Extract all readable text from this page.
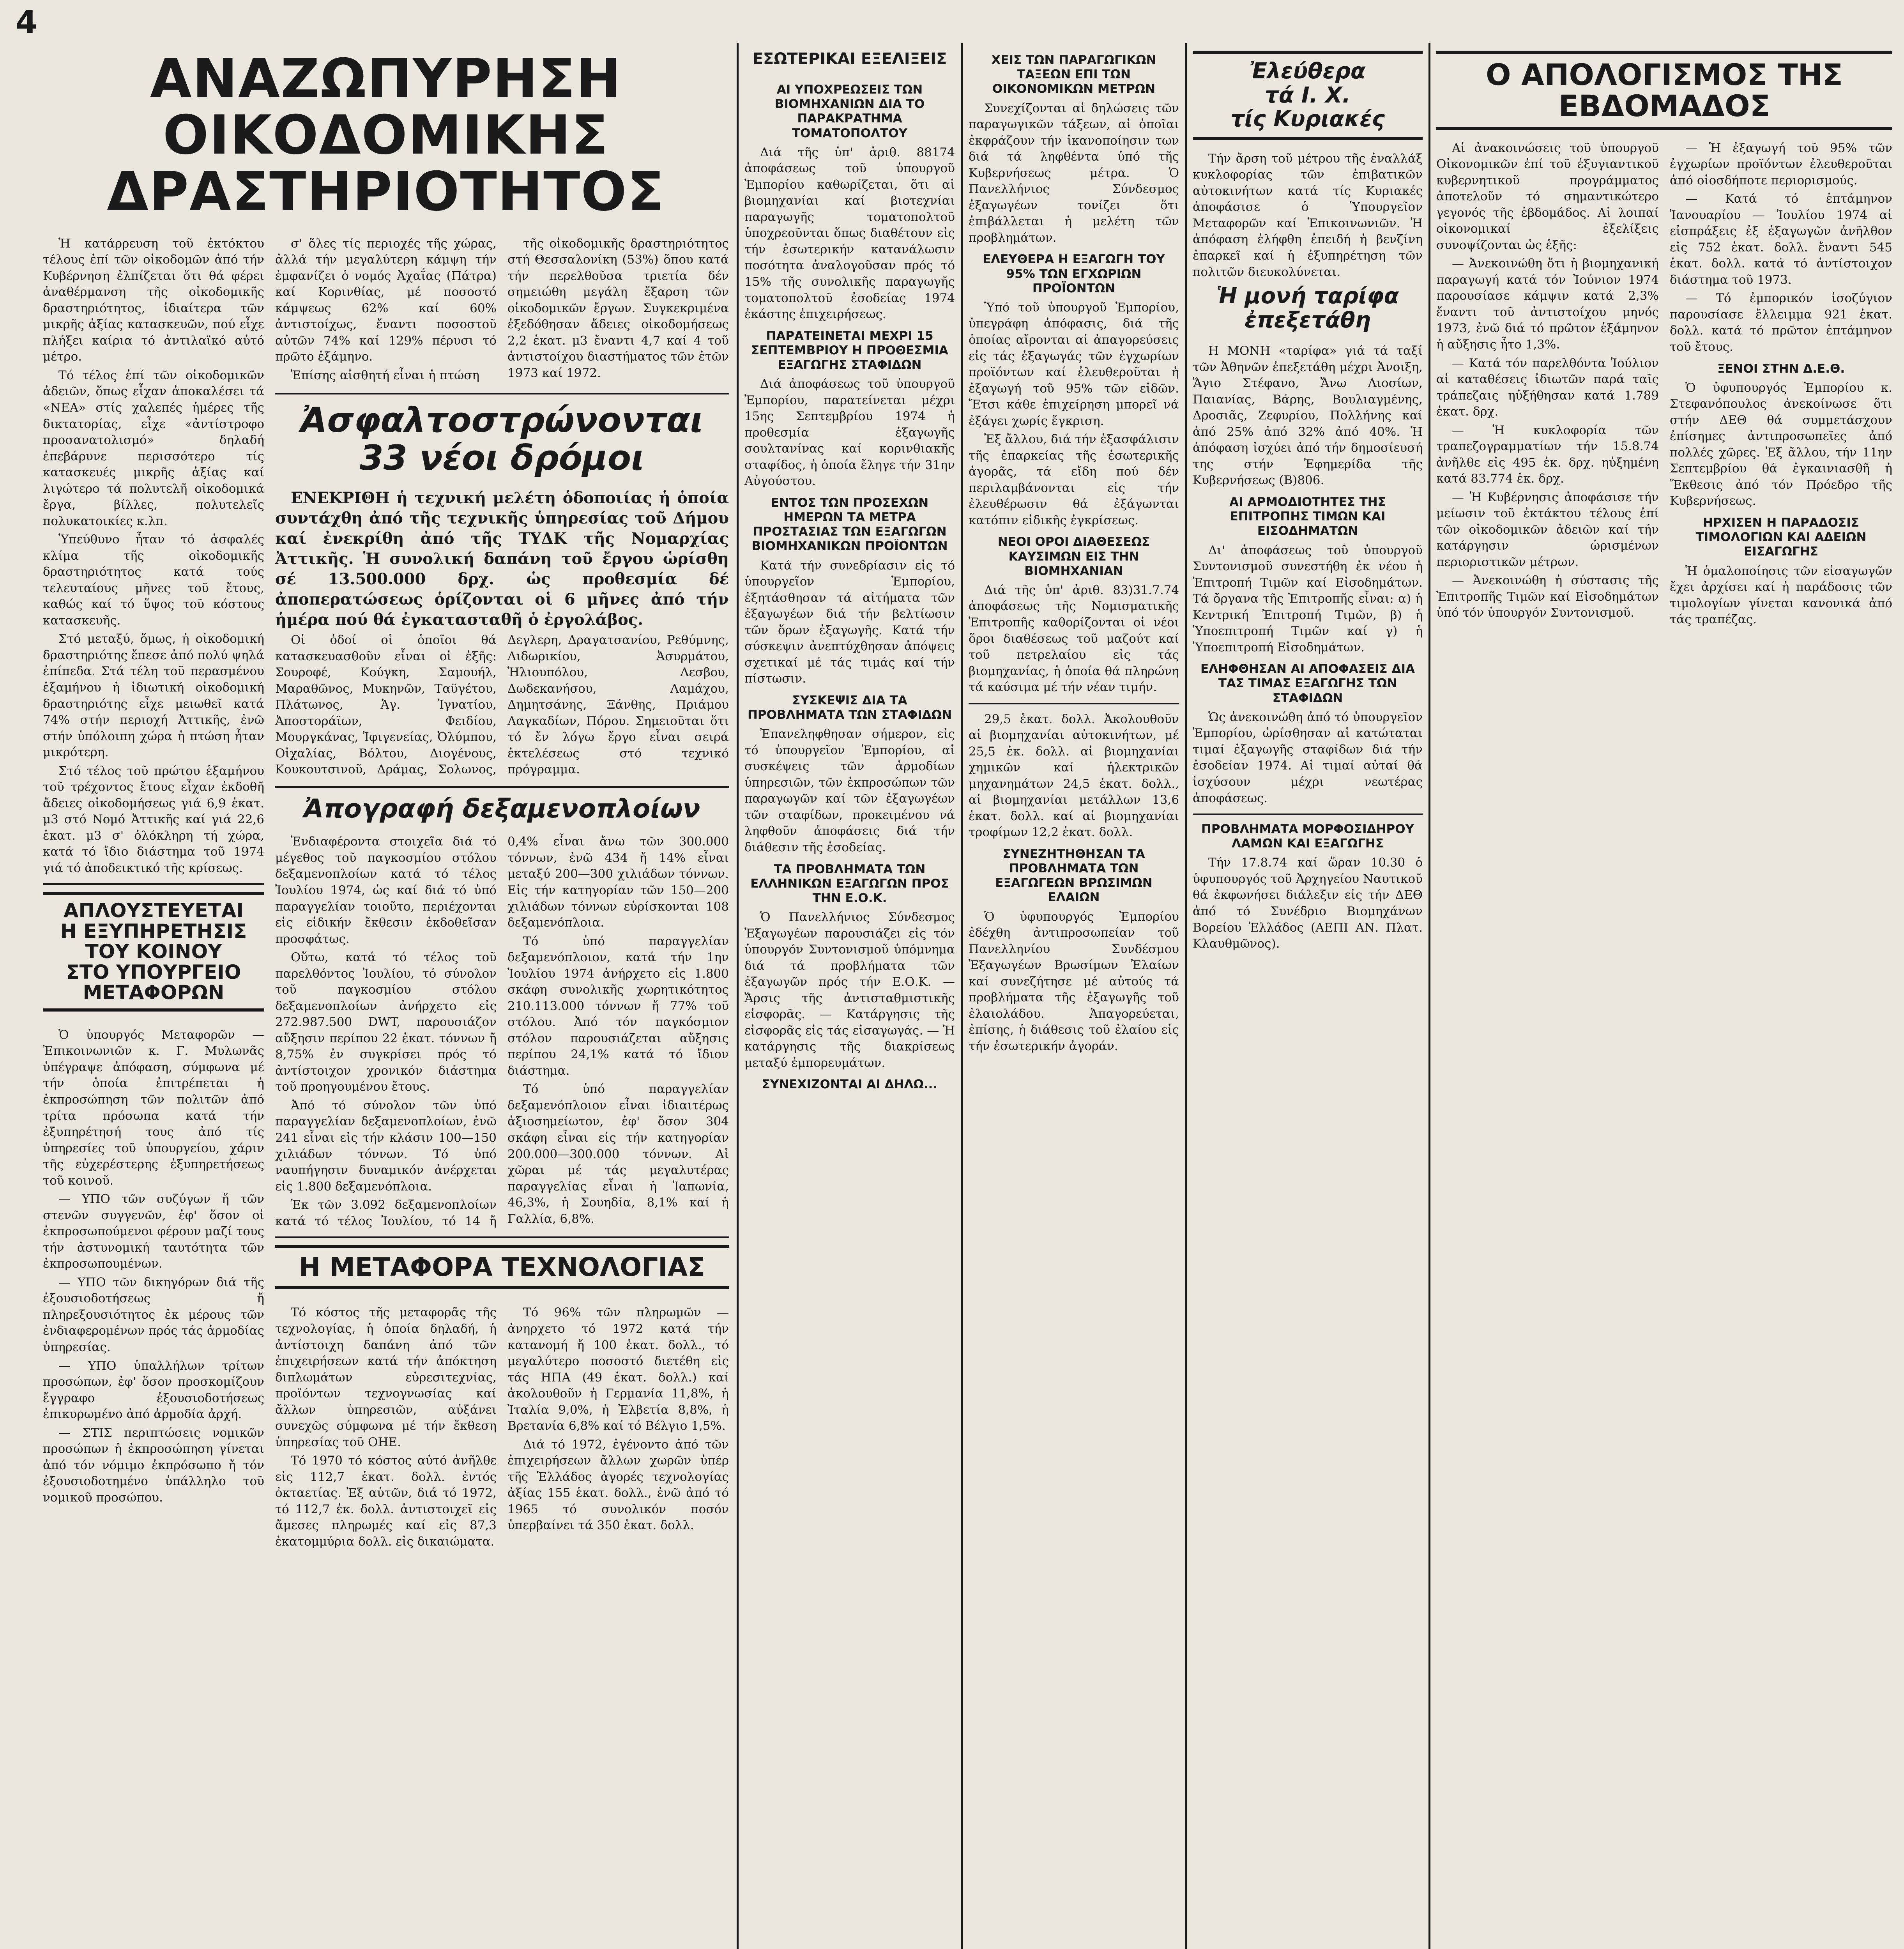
4
ΑΝΑΖΩΠΥΡΗΣΗ ΟΙΚΟΔΟΜΙΚΗΣ
ΔΡΑΣΤΗΡΙΟΤΗΤΟΣ

Ἡ κατάρρευση τοῦ ἐκτόκτου τέλους ἐπί τῶν οἰκοδομῶν ἀπό τήν Κυβέρνηση ἐλπίζεται ὅτι θά φέρει ἀναθέρμανση τῆς οἰκοδομικῆς δραστηριότητος, ἰδιαίτερα τῶν μικρῆς ἀξίας κατασκευῶν, πού εἶχε πλήξει καίρια τό ἀντιλαϊκό αὐτό μέτρο.

Τό τέλος ἐπί τῶν οἰκοδομικῶν ἀδειῶν, ὅπως εἶχαν ἀποκαλέσει τά «ΝΕΑ» στίς χαλεπές ἡμέρες τῆς δικτατορίας, εἶχε «ἀντίστροφο προσανατολισμό» δηλαδή ἐπεβάρυνε περισσότερο τίς κατασκευές μικρῆς ἀξίας καί λιγώτερο τά πολυτελῆ οἰκοδομικά ἔργα, βίλλες, πολυτελεῖς πολυκατοικίες κ.λπ.

Ὑπεύθυνο ἦταν τό ἀσφαλές κλίμα τῆς οἰκοδομικῆς δραστηριότητος κατά τούς τελευταίους μῆνες τοῦ ἔτους, καθώς καί τό ὕψος τοῦ κόστους κατασκευῆς.

Στό μεταξύ, ὅμως, ἡ οἰκοδομική δραστηριότης ἔπεσε ἀπό πολύ ψηλά ἐπίπεδα. Στά τέλη τοῦ περασμένου ἑξαμήνου ἡ ἰδιωτική οἰκοδομική δραστηριότης εἶχε μειωθεῖ κατά 74% στήν περιοχή Ἀττικῆς, ἐνῶ στήν ὑπόλοιπη χώρα ἡ πτώση ἦταν μικρότερη.

Στό τέλος τοῦ πρώτου ἑξαμήνου τοῦ τρέχοντος ἔτους εἶχαν ἐκδοθῆ ἄδειες οἰκοδομήσεως γιά 6,9 ἑκατ. μ3 στό Νομό Ἀττικῆς καί γιά 22,6 ἑκατ. μ3 σ' ὁλόκληρη τή χώρα, κατά τό ἴδιο διάστημα τοῦ 1974 γιά τό ἀποδεικτικό τῆς κρίσεως.

ΑΠΛΟΥΣΤΕΥΕΤΑΙ
Η ΕΞΥΠΗΡΕΤΗΣΙΣ
ΤΟΥ ΚΟΙΝΟΥ
ΣΤΟ ΥΠΟΥΡΓΕΙΟ
ΜΕΤΑΦΟΡΩΝ

Ὁ ὑπουργός Μεταφορῶν — Ἐπικοινωνιῶν κ. Γ. Μυλωνᾶς ὑπέγραψε ἀπόφαση, σύμφωνα μέ τήν ὁποία ἐπιτρέπεται ἡ ἐκπροσώπηση τῶν πολιτῶν ἀπό τρίτα πρόσωπα κατά τήν ἐξυπηρέτησή τους ἀπό τίς ὑπηρεσίες τοῦ ὑπουργείου, χάριν τῆς εὐχερέστερης ἐξυπηρετήσεως τοῦ κοινοῦ.

— ΥΠΟ τῶν συζύγων ἤ τῶν στενῶν συγγενῶν, ἐφ' ὅσον οἱ ἐκπροσωπούμενοι φέρουν μαζί τους τήν ἀστυνομική ταυτότητα τῶν ἐκπροσωπουμένων.

— ΥΠΟ τῶν δικηγόρων διά τῆς ἐξουσιοδοτήσεως ἤ πληρεξουσιότητος ἐκ μέρους τῶν ἐνδιαφερομένων πρός τάς ἁρμοδίας ὑπηρεσίας.

— ΥΠΟ ὑπαλλήλων τρίτων προσώπων, ἐφ' ὅσον προσκομίζουν ἔγγραφο ἐξουσιοδοτήσεως ἐπικυρωμένο ἀπό ἁρμοδία ἀρχή.

— ΣΤΙΣ περιπτώσεις νομικῶν προσώπων ἡ ἐκπροσώπηση γίνεται ἀπό τόν νόμιμο ἐκπρόσωπο ἤ τόν ἐξουσιοδοτημένο ὑπάλληλο τοῦ νομικοῦ προσώπου.

σ' ὅλες τίς περιοχές τῆς χώρας, ἀλλά τήν μεγαλύτερη κάμψη τήν ἐμφανίζει ὁ νομός Ἀχαΐας (Πάτρα) καί Κορινθίας, μέ ποσοστό κάμψεως 62% καί 60% ἀντιστοίχως, ἔναντι ποσοστοῦ αὐτῶν 74% καί 129% πέρυσι τό πρῶτο ἑξάμηνο.

Ἐπίσης αἰσθητή εἶναι ἡ πτώση

τῆς οἰκοδομικῆς δραστηριότητος στή Θεσσαλονίκη (53%) ὅπου κατά τήν περελθοῦσα τριετία δέν σημειώθη μεγάλη ἔξαρση τῶν οἰκοδομικῶν ἔργων. Συγκεκριμένα ἐξεδόθησαν ἄδειες οἰκοδομήσεως 2,2 ἑκατ. μ3 ἔναντι 4,7 καί 4 τοῦ ἀντιστοίχου διαστήματος τῶν ἐτῶν 1973 καί 1972.

Ἀσφαλτοστρώνονται
33 νέοι δρόμοι

ΕΝΕΚΡΙΘΗ ἡ τεχνική μελέτη ὁδοποιίας ἡ ὁποία συντάχθη ἀπό τῆς τεχνικῆς ὑπηρεσίας τοῦ Δήμου καί ἐνεκρίθη ἀπό τῆς ΤΥΔΚ τῆς Νομαρχίας Ἀττικῆς. Ἡ συνολική δαπάνη τοῦ ἔργου ὡρίσθη σέ 13.500.000 δρχ. ὡς προθεσμία δέ ἀποπερατώσεως ὁρίζονται οἱ 6 μῆνες ἀπό τήν ἡμέρα πού θά ἐγκατασταθῆ ὁ ἐργολάβος.

Οἱ ὁδοί οἱ ὁποῖοι θά κατασκευασθοῦν εἶναι οἱ ἑξῆς: Σουροφέ, Κούγκη, Σαμουήλ, Μαραθῶνος, Μυκηνῶν, Ταϋγέτου, Πλάτωνος, Ἁγ. Ἰγνατίου, Ἀποστοράϊων, Φειδίου, Μουργκάνας, Ἰφιγενείας, Ὀλύμπου, Οἰχαλίας, Βόλτου, Διογένους, Κουκουτσινοῦ, Δράμας, Σολωνος, Δεγλερη, Δραγατσανίου, Ρεθύμνης, Λιδωρικίου, Ἀσυρμάτου, Ἡλιουπόλου, Λεσβου, Δωδεκανήσου, Λαμάχου, Δημητσάνης, Ξάνθης, Πριάμου Λαγκαδίων, Πόρου. Σημειοῦται ὅτι τό ἔν λόγω ἔργο εἶναι σειρά ἐκτελέσεως στό τεχνικό πρόγραμμα.

Ἀπογραφή δεξαμενοπλοίων

Ἐνδιαφέροντα στοιχεῖα διά τό μέγεθος τοῦ παγκοσμίου στόλου δεξαμενοπλοίων κατά τό τέλος Ἰουλίου 1974, ὡς καί διά τό ὑπό παραγγελίαν τοιοῦτο, περιέχονται εἰς εἰδικήν ἔκθεσιν ἐκδοθεῖσαν προσφάτως.

Οὕτω, κατά τό τέλος τοῦ παρελθόντος Ἰουλίου, τό σύνολον τοῦ παγκοσμίου στόλου δεξαμενοπλοίων ἀνήρχετο εἰς 272.987.500 DWT, παρουσιάζον αὔξησιν περίπου 22 ἑκατ. τόννων ἤ 8,75% ἐν συγκρίσει πρός τό ἀντίστοιχον χρονικόν διάστημα τοῦ προηγουμένου ἔτους.

Ἀπό τό σύνολον τῶν ὑπό παραγγελίαν δεξαμενοπλοίων, ἐνῶ 241 εἶναι εἰς τήν κλάσιν 100—150 χιλιάδων τόννων. Τό ὑπό ναυπήγησιν δυναμικόν ἀνέρχεται εἰς 1.800 δεξαμενόπλοια.

Ἐκ τῶν 3.092 δεξαμενοπλοίων κατά τό τέλος Ἰουλίου, τό 14 ἤ 0,4% εἶναι ἄνω τῶν 300.000 τόννων, ἐνῶ 434 ἤ 14% εἶναι μεταξύ 200—300 χιλιάδων τόννων. Εἰς τήν κατηγορίαν τῶν 150—200 χιλιάδων τόννων εὑρίσκονται 108 δεξαμενόπλοια.

Τό ὑπό παραγγελίαν δεξαμενόπλοιον, κατά τήν 1ην Ἰουλίου 1974 ἀνήρχετο εἰς 1.800 σκάφη συνολικῆς χωρητικότητος 210.113.000 τόννων ἤ 77% τοῦ στόλου. Ἀπό τόν παγκόσμιον στόλον παρουσιάζεται αὔξησις περίπου 24,1% κατά τό ἴδιον διάστημα.

Τό ὑπό παραγγελίαν δεξαμενόπλοιον εἶναι ἰδιαιτέρως ἀξιοσημείωτον, ἐφ' ὅσον 304 σκάφη εἶναι εἰς τήν κατηγορίαν 200.000—300.000 τόννων. Αἱ χῶραι μέ τάς μεγαλυτέρας παραγγελίας εἶναι ἡ Ἰαπωνία, 46,3%, ἡ Σουηδία, 8,1% καί ἡ Γαλλία, 6,8%.

Η ΜΕΤΑΦΟΡΑ ΤΕΧΝΟΛΟΓΙΑΣ

Τό κόστος τῆς μεταφορᾶς τῆς τεχνολογίας, ἡ ὁποία δηλαδή, ἡ ἀντίστοιχη δαπάνη ἀπό τῶν ἐπιχειρήσεων κατά τήν ἀπόκτηση διπλωμάτων εὑρεσιτεχνίας, προϊόντων τεχνογνωσίας καί ἄλλων ὑπηρεσιῶν, αὐξάνει συνεχῶς σύμφωνα μέ τήν ἔκθεση ὑπηρεσίας τοῦ ΟΗΕ.

Τό 1970 τό κόστος αὐτό ἀνῆλθε εἰς 112,7 ἑκατ. δολλ. ἐντός ὀκταετίας. Ἐξ αὐτῶν, διά τό 1972, τό 112,7 ἑκ. δολλ. ἀντιστοιχεῖ εἰς ἄμεσες πληρωμές καί εἰς 87,3 ἑκατομμύρια δολλ. εἰς δικαιώματα.

Τό 96% τῶν πληρωμῶν — ἀνηρχετο τό 1972 κατά τήν κατανομή ἤ 100 ἑκατ. δολλ., τό μεγαλύτερο ποσοστό διετέθη εἰς τάς ΗΠΑ (49 ἑκατ. δολλ.) καί ἀκολουθοῦν ἡ Γερμανία 11,8%, ἡ Ἰταλία 9,0%, ἡ Ἐλβετία 8,8%, ἡ Βρετανία 6,8% καί τό Βέλγιο 1,5%.

Διά τό 1972, ἐγένοντο ἀπό τῶν ἐπιχειρήσεων ἄλλων χωρῶν ὑπέρ τῆς Ἑλλάδος ἀγορές τεχνολογίας ἀξίας 155 ἑκατ. δολλ., ἐνῶ ἀπό τό 1965 τό συνολικόν ποσόν ὑπερβαίνει τά 350 ἑκατ. δολλ.

ΕΣΩΤΕΡΙΚΑΙ ΕΞΕΛΙΞΕΙΣ
ΑΙ ΥΠΟΧΡΕΩΣΕΙΣ ΤΩΝ ΒΙΟΜΗΧΑΝΙΩΝ ΔΙΑ ΤΟ ΠΑΡΑΚΡΑΤΗΜΑ ΤΟΜΑΤΟΠΟΛΤΟΥ

Διά τῆς ὑπ' ἀριθ. 88174 ἀποφάσεως τοῦ ὑπουργοῦ Ἐμπορίου καθωρίζεται, ὅτι αἱ βιομηχανίαι καί βιοτεχνίαι παραγωγῆς τοματοπολτοῦ ὑποχρεοῦνται ὅπως διαθέτουν εἰς τήν ἐσωτερικήν κατανάλωσιν ποσότητα ἀναλογοῦσαν πρός τό 15% τῆς συνολικῆς παραγωγῆς τοματοπολτοῦ ἐσοδείας 1974 ἐκάστης ἐπιχειρήσεως.

ΠΑΡΑΤΕΙΝΕΤΑΙ ΜΕΧΡΙ 15 ΣΕΠΤΕΜΒΡΙΟΥ Η ΠΡΟΘΕΣΜΙΑ ΕΞΑΓΩΓΗΣ ΣΤΑΦΙΔΩΝ

Διά ἀποφάσεως τοῦ ὑπουργοῦ Ἐμπορίου, παρατείνεται μέχρι 15ης Σεπτεμβρίου 1974 ἡ προθεσμία ἐξαγωγῆς σουλτανίνας καί κορινθιακῆς σταφίδος, ἡ ὁποία ἔληγε τήν 31ην Αὐγούστου.

ΕΝΤΟΣ ΤΩΝ ΠΡΟΣΕΧΩΝ ΗΜΕΡΩΝ ΤΑ ΜΕΤΡΑ ΠΡΟΣΤΑΣΙΑΣ ΤΩΝ ΕΞΑΓΩΓΩΝ ΒΙΟΜΗΧΑΝΙΚΩΝ ΠΡΟΪΟΝΤΩΝ

Κατά τήν συνεδρίασιν εἰς τό ὑπουργεῖον Ἐμπορίου, ἐξητάσθησαν τά αἰτήματα τῶν ἐξαγωγέων διά τήν βελτίωσιν τῶν ὅρων ἐξαγωγῆς. Κατά τήν σύσκεψιν ἀνεπτύχθησαν ἀπόψεις σχετικαί μέ τάς τιμάς καί τήν πίστωσιν.

ΣΥΣΚΕΨΙΣ ΔΙΑ ΤΑ ΠΡΟΒΛΗΜΑΤΑ ΤΩΝ ΣΤΑΦΙΔΩΝ

Ἐπανεληφθησαν σήμερον, εἰς τό ὑπουργεῖον Ἐμπορίου, αἱ συσκέψεις τῶν ἁρμοδίων ὑπηρεσιῶν, τῶν ἐκπροσώπων τῶν παραγωγῶν καί τῶν ἐξαγωγέων τῶν σταφίδων, προκειμένου νά ληφθοῦν ἀποφάσεις διά τήν διάθεσιν τῆς ἐσοδείας.

ΤΑ ΠΡΟΒΛΗΜΑΤΑ ΤΩΝ ΕΛΛΗΝΙΚΩΝ ΕΞΑΓΩΓΩΝ ΠΡΟΣ ΤΗΝ Ε.Ο.Κ.

Ὁ Πανελλήνιος Σύνδεσμος Ἐξαγωγέων παρουσιάζει εἰς τόν ὑπουργόν Συντονισμοῦ ὑπόμνημα διά τά προβλήματα τῶν ἐξαγωγῶν πρός τήν Ε.Ο.Κ. — Ἄρσις τῆς ἀντισταθμιστικῆς εἰσφορᾶς. — Κατάργησις τῆς εἰσφορᾶς εἰς τάς εἰσαγωγάς. — Ἡ κατάργησις τῆς διακρίσεως μεταξύ ἐμπορευμάτων.

ΣΥΝΕΧΙΖΟΝΤΑΙ ΑΙ ΔΗΛΩ...
ΧΕΙΣ ΤΩΝ ΠΑΡΑΓΩΓΙΚΩΝ ΤΑΞΕΩΝ ΕΠΙ ΤΩΝ ΟΙΚΟΝΟΜΙΚΩΝ ΜΕΤΡΩΝ

Συνεχίζονται αἱ δηλώσεις τῶν παραγωγικῶν τάξεων, αἱ ὁποῖαι ἐκφράζουν τήν ἱκανοποίησιν των διά τά ληφθέντα ὑπό τῆς Κυβερνήσεως μέτρα. Ὁ Πανελλήνιος Σύνδεσμος ἐξαγωγέων τονίζει ὅτι ἐπιβάλλεται ἡ μελέτη τῶν προβλημάτων.

ΕΛΕΥΘΕΡΑ Η ΕΞΑΓΩΓΗ ΤΟΥ 95% ΤΩΝ ΕΓΧΩΡΙΩΝ ΠΡΟΪΟΝΤΩΝ

Ὑπό τοῦ ὑπουργοῦ Ἐμπορίου, ὑπεγράφη ἀπόφασις, διά τῆς ὁποίας αἴρονται αἱ ἀπαγορεύσεις εἰς τάς ἐξαγωγάς τῶν ἐγχωρίων προϊόντων καί ἐλευθεροῦται ἡ ἐξαγωγή τοῦ 95% τῶν εἰδῶν. Ἔτσι κάθε ἐπιχείρηση μπορεῖ νά ἐξάγει χωρίς ἔγκριση.

Ἐξ ἄλλου, διά τήν ἐξασφάλισιν τῆς ἐπαρκείας τῆς ἐσωτερικῆς ἀγορᾶς, τά εἴδη πού δέν περιλαμβάνονται εἰς τήν ἐλευθέρωσιν θά ἐξάγωνται κατόπιν εἰδικῆς ἐγκρίσεως.

ΝΕΟΙ ΟΡΟΙ ΔΙΑΘΕΣΕΩΣ ΚΑΥΣΙΜΩΝ ΕΙΣ ΤΗΝ ΒΙΟΜΗΧΑΝΙΑΝ

Διά τῆς ὑπ' ἀριθ. 83)31.7.74 ἀποφάσεως τῆς Νομισματικῆς Ἐπιτροπῆς καθορίζονται οἱ νέοι ὅροι διαθέσεως τοῦ μαζούτ καί τοῦ πετρελαίου εἰς τάς βιομηχανίας, ἡ ὁποία θά πληρώνη τά καύσιμα μέ τήν νέαν τιμήν.

29,5 ἑκατ. δολλ. Ἀκολουθοῦν αἱ βιομηχανίαι αὐτοκινήτων, μέ 25,5 ἑκ. δολλ. αἱ βιομηχανίαι χημικῶν καί ἠλεκτρικῶν μηχανημάτων 24,5 ἑκατ. δολλ., αἱ βιομηχανίαι μετάλλων 13,6 ἑκατ. δολλ. καί αἱ βιομηχανίαι τροφίμων 12,2 ἑκατ. δολλ.

ΣΥΝΕΖΗΤΗΘΗΣΑΝ ΤΑ ΠΡΟΒΛΗΜΑΤΑ ΤΩΝ ΕΞΑΓΩΓΕΩΝ ΒΡΩΣΙΜΩΝ ΕΛΑΙΩΝ

Ὁ ὑφυπουργός Ἐμπορίου ἐδέχθη ἀντιπροσωπείαν τοῦ Πανελληνίου Συνδέσμου Ἐξαγωγέων Βρωσίμων Ἐλαίων καί συνεζήτησε μέ αὐτούς τά προβλήματα τῆς ἐξαγωγῆς τοῦ ἐλαιολάδου. Ἀπαγορεύεται, ἐπίσης, ἡ διάθεσις τοῦ ἐλαίου εἰς τήν ἐσωτερικήν ἀγοράν.

Ἐλεύθερα
τά Ι. Χ.
τίς Κυριακές

Τήν ἄρση τοῦ μέτρου τῆς ἐναλλάξ κυκλοφορίας τῶν ἐπιβατικῶν αὐτοκινήτων κατά τίς Κυριακές ἀποφάσισε ὁ Ὑπουργεῖον Μεταφορῶν καί Ἐπικοινωνιῶν. Ἡ ἀπόφαση ἐλήφθη ἐπειδή ἡ βενζίνη ἐπαρκεῖ καί ἡ ἐξυπηρέτηση τῶν πολιτῶν διευκολύνεται.

Ἡ μονή ταρίφα
ἐπεξετάθη

Η ΜΟΝΗ «ταρίφα» γιά τά ταξί τῶν Ἀθηνῶν ἐπεξετάθη μέχρι Ἀνοιξη, Ἅγιο Στέφανο, Ἄνω Λιοσίων, Παιανίας, Βάρης, Βουλιαγμένης, Δροσιᾶς, Ζεφυρίου, Πολλήνης καί ἀπό 25% ἀπό 32% ἀπό 40%. Ἡ ἀπόφαση ἰσχύει ἀπό τήν δημοσίευσή της στήν Ἐφημερίδα τῆς Κυβερνήσεως (Β)806.

ΑΙ ΑΡΜΟΔΙΟΤΗΤΕΣ ΤΗΣ ΕΠΙΤΡΟΠΗΣ ΤΙΜΩΝ ΚΑΙ ΕΙΣΟΔΗΜΑΤΩΝ

Δι' ἀποφάσεως τοῦ ὑπουργοῦ Συντονισμοῦ συνεστήθη ἐκ νέου ἡ Ἐπιτροπή Τιμῶν καί Εἰσοδημάτων. Τά ὄργανα τῆς Ἐπιτροπῆς εἶναι: α) ἡ Κεντρική Ἐπιτροπή Τιμῶν, β) ἡ Ὑποεπιτροπή Τιμῶν καί γ) ἡ Ὑποεπιτροπή Εἰσοδημάτων.

ΕΛΗΦΘΗΣΑΝ ΑΙ ΑΠΟΦΑΣΕΙΣ ΔΙΑ ΤΑΣ ΤΙΜΑΣ ΕΞΑΓΩΓΗΣ ΤΩΝ ΣΤΑΦΙΔΩΝ

Ὡς ἀνεκοινώθη ἀπό τό ὑπουργεῖον Ἐμπορίου, ὡρίσθησαν αἱ κατώταται τιμαί ἐξαγωγῆς σταφίδων διά τήν ἐσοδείαν 1974. Αἱ τιμαί αὐταί θά ἰσχύσουν μέχρι νεωτέρας ἀποφάσεως.

ΠΡΟΒΛΗΜΑΤΑ ΜΟΡΦΟΣΙΔΗΡΟΥ ΛΑΜΩΝ ΚΑΙ ΕΞΑΓΩΓΗΣ

Τήν 17.8.74 καί ὥραν 10.30 ὁ ὑφυπουργός τοῦ Ἀρχηγείου Ναυτικοῦ θά ἐκφωνήσει διάλεξιν εἰς τήν ΔΕΘ ἀπό τό Συνέδριο Βιομηχάνων Βορείου Ἑλλάδος (ΑΕΠΙ ΑΝ. Πλατ. Κλαυθμῶνος).

Ο ΑΠΟΛΟΓΙΣΜΟΣ ΤΗΣ ΕΒΔΟΜΑΔΟΣ

Αἱ ἀνακοινώσεις τοῦ ὑπουργοῦ Οἰκονομικῶν ἐπί τοῦ ἐξυγιαντικοῦ κυβερνητικοῦ προγράμματος ἀποτελοῦν τό σημαντικώτερο γεγονός τῆς ἑβδομάδος. Αἱ λοιπαί οἰκονομικαί ἐξελίξεις συνοψίζονται ὡς ἑξῆς:

— Ἀνεκοινώθη ὅτι ἡ βιομηχανική παραγωγή κατά τόν Ἰούνιον 1974 παρουσίασε κάμψιν κατά 2,3% ἔναντι τοῦ ἀντιστοίχου μηνός 1973, ἐνῶ διά τό πρῶτον ἑξάμηνον ἡ αὔξησις ἦτο 1,3%.

— Κατά τόν παρελθόντα Ἰούλιον αἱ καταθέσεις ἰδιωτῶν παρά ταῖς τράπεζαις ηὐξήθησαν κατά 1.789 ἑκατ. δρχ.

— Ἡ κυκλοφορία τῶν τραπεζογραμματίων τήν 15.8.74 ἀνῆλθε εἰς 495 ἑκ. δρχ. ηὐξημένη κατά 83.774 ἑκ. δρχ.

— Ἡ Κυβέρνησις ἀποφάσισε τήν μείωσιν τοῦ ἐκτάκτου τέλους ἐπί τῶν οἰκοδομικῶν ἀδειῶν καί τήν κατάργησιν ὡρισμένων περιοριστικῶν μέτρων.

— Ἀνεκοινώθη ἡ σύστασις τῆς Ἐπιτροπῆς Τιμῶν καί Εἰσοδημάτων ὑπό τόν ὑπουργόν Συντονισμοῦ.

— Ἡ ἐξαγωγή τοῦ 95% τῶν ἐγχωρίων προϊόντων ἐλευθεροῦται ἀπό οἱοσδήποτε περιορισμούς.

— Κατά τό ἑπτάμηνον Ἰανουαρίου — Ἰουλίου 1974 αἱ εἰσπράξεις ἐξ ἐξαγωγῶν ἀνῆλθον εἰς 752 ἑκατ. δολλ. ἔναντι 545 ἑκατ. δολλ. κατά τό ἀντίστοιχον διάστημα τοῦ 1973.

— Τό ἐμπορικόν ἰσοζύγιον παρουσίασε ἔλλειμμα 921 ἑκατ. δολλ. κατά τό πρῶτον ἑπτάμηνον τοῦ ἔτους.

ΞΕΝΟΙ ΣΤΗΝ Δ.Ε.Θ.

Ὁ ὑφυπουργός Ἐμπορίου κ. Στεφανόπουλος ἀνεκοίνωσε ὅτι στήν ΔΕΘ θά συμμετάσχουν ἐπίσημες ἀντιπροσωπεῖες ἀπό πολλές χῶρες. Ἐξ ἄλλου, τήν 11ην Σεπτεμβρίου θά ἐγκαινιασθῆ ἡ Ἔκθεσις ἀπό τόν Πρόεδρο τῆς Κυβερνήσεως.

ΗΡΧΙΣΕΝ Η ΠΑΡΑΔΟΣΙΣ ΤΙΜΟΛΟΓΙΩΝ ΚΑΙ ΑΔΕΙΩΝ ΕΙΣΑΓΩΓΗΣ

Ἡ ὁμαλοποίησις τῶν εἰσαγωγῶν ἔχει ἀρχίσει καί ἡ παράδοσις τῶν τιμολογίων γίνεται κανονικά ἀπό τάς τραπέζας.
